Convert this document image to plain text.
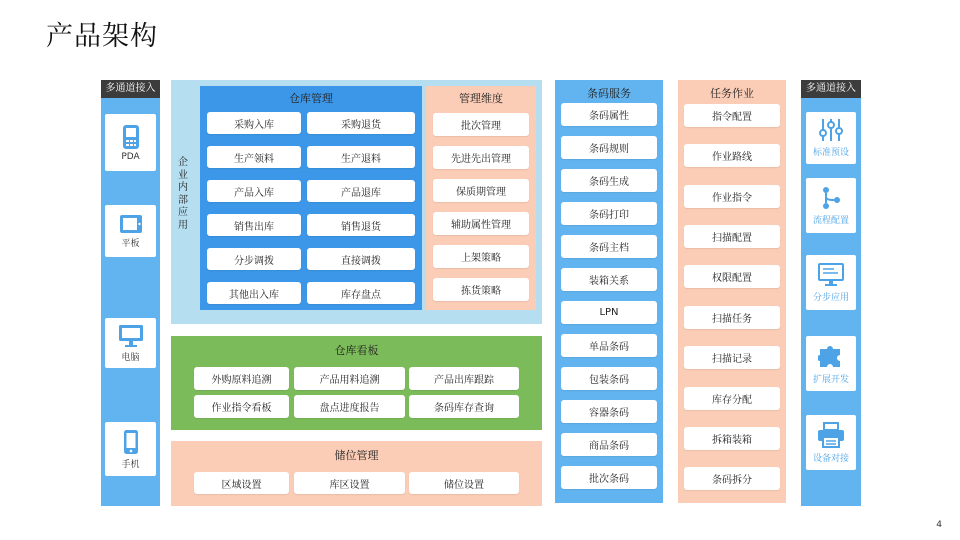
产品架构
多通道接入
PDA
平板
电脑
手机
企
业
内
部
应
用
仓库管理
采购入库	采购退货
生产领料	生产退料
产品入库	产品退库
销售出库	销售退货
分步调拨	直接调拨
其他出入库	库存盘点
管理维度
批次管理
先进先出管理
保质期管理
辅助属性管理
上架策略
拣货策略
仓库看板
外购原料追溯	产品用料追溯	产品出库跟踪
作业指令看板	盘点进度报告	条码库存查询
储位管理
区域设置	库区设置	储位设置
条码服务
条码属性
条码规则
条码生成
条码打印
条码主档
装箱关系
LPN
单品条码
包装条码
容器条码
商品条码
批次条码
任务作业
指令配置
作业路线
作业指令
扫描配置
权限配置
扫描任务
扫描记录
库存分配
拆箱装箱
条码拆分
多通道接入
标准预设
流程配置
分步应用
扩展开发
设备对接
4
